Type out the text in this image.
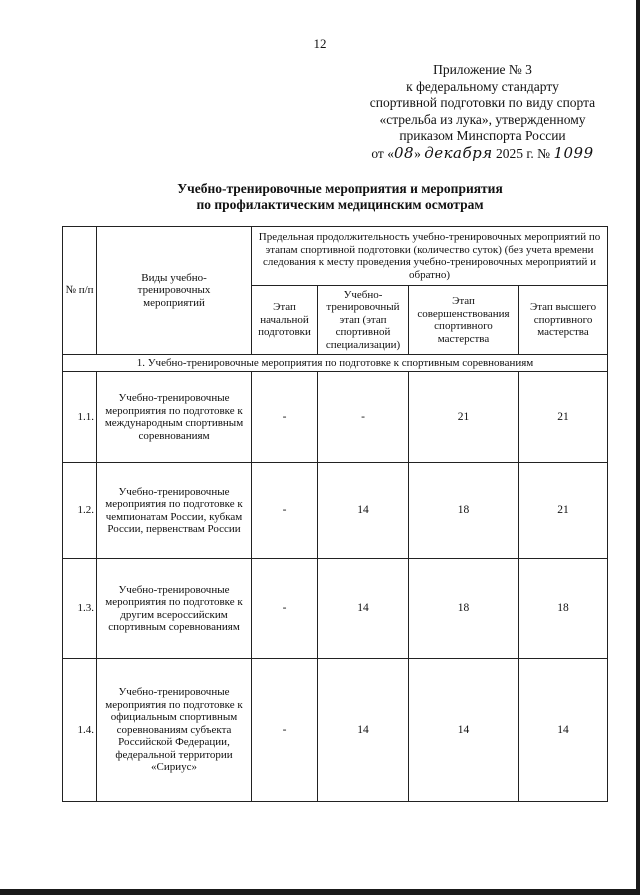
12
Приложение № 3
к федеральному стандарту
спортивной подготовки по виду спорта
«стрельба из лука», утвержденному
приказом Минспорта России
от «08» декабря 2025 г. № 1099
Учебно-тренировочные мероприятия и мероприятия
по профилактическим медицинским осмотрам
№ п/п	Виды учебно-тренировочных мероприятий	Предельная продолжительность учебно-тренировочных мероприятий по этапам спортивной подготовки (количество суток) (без учета времени следования к месту проведения учебно-тренировочных мероприятий и обратно)			
		Этап начальной подготовки	Учебно-тренировочный этап (этап спортивной специализации)	Этап совершенствования спортивного мастерства	Этап высшего спортивного мастерства
1. Учебно-тренировочные мероприятия по подготовке к спортивным соревнованиям					
1.1.	Учебно-тренировочные мероприятия по подготовке к международным спортивным соревнованиям	-	-	21	21
1.2.	Учебно-тренировочные мероприятия по подготовке к чемпионатам России, кубкам России, первенствам России	-	14	18	21
1.3.	Учебно-тренировочные мероприятия по подготовке к другим всероссийским спортивным соревнованиям	-	14	18	18
1.4.	Учебно-тренировочные мероприятия по подготовке к официальным спортивным соревнованиям субъекта Российской Федерации, федеральной территории «Сириус»	-	14	14	14
